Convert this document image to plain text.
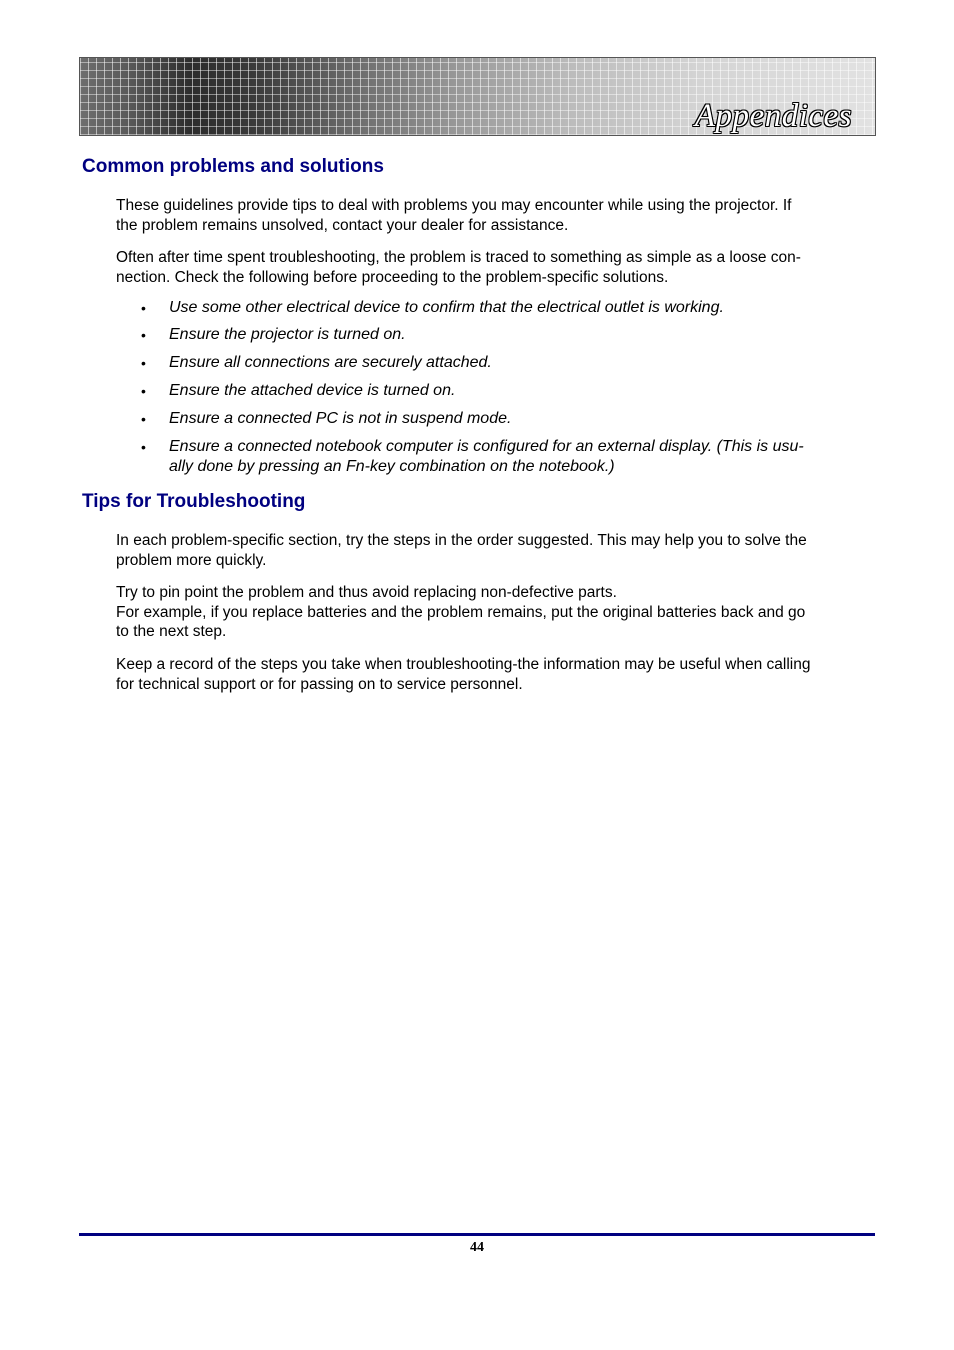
Appendices
Common problems and solutions
These guidelines provide tips to deal with problems you may encounter while using the projector. If
the problem remains unsolved, contact your dealer for assistance.
Often after time spent troubleshooting, the problem is traced to something as simple as a loose con-
nection. Check the following before proceeding to the problem-specific solutions.
• Use some other electrical device to confirm that the electrical outlet is working.
• Ensure the projector is turned on.
• Ensure all connections are securely attached.
• Ensure the attached device is turned on.
• Ensure a connected PC is not in suspend mode.
• Ensure a connected notebook computer is configured for an external display. (This is usu-
ally done by pressing an Fn-key combination on the notebook.)
Tips for Troubleshooting
In each problem-specific section, try the steps in the order suggested. This may help you to solve the
problem more quickly.
Try to pin point the problem and thus avoid replacing non-defective parts.
For example, if you replace batteries and the problem remains, put the original batteries back and go
to the next step.
Keep a record of the steps you take when troubleshooting-the information may be useful when calling
for technical support or for passing on to service personnel.
44
